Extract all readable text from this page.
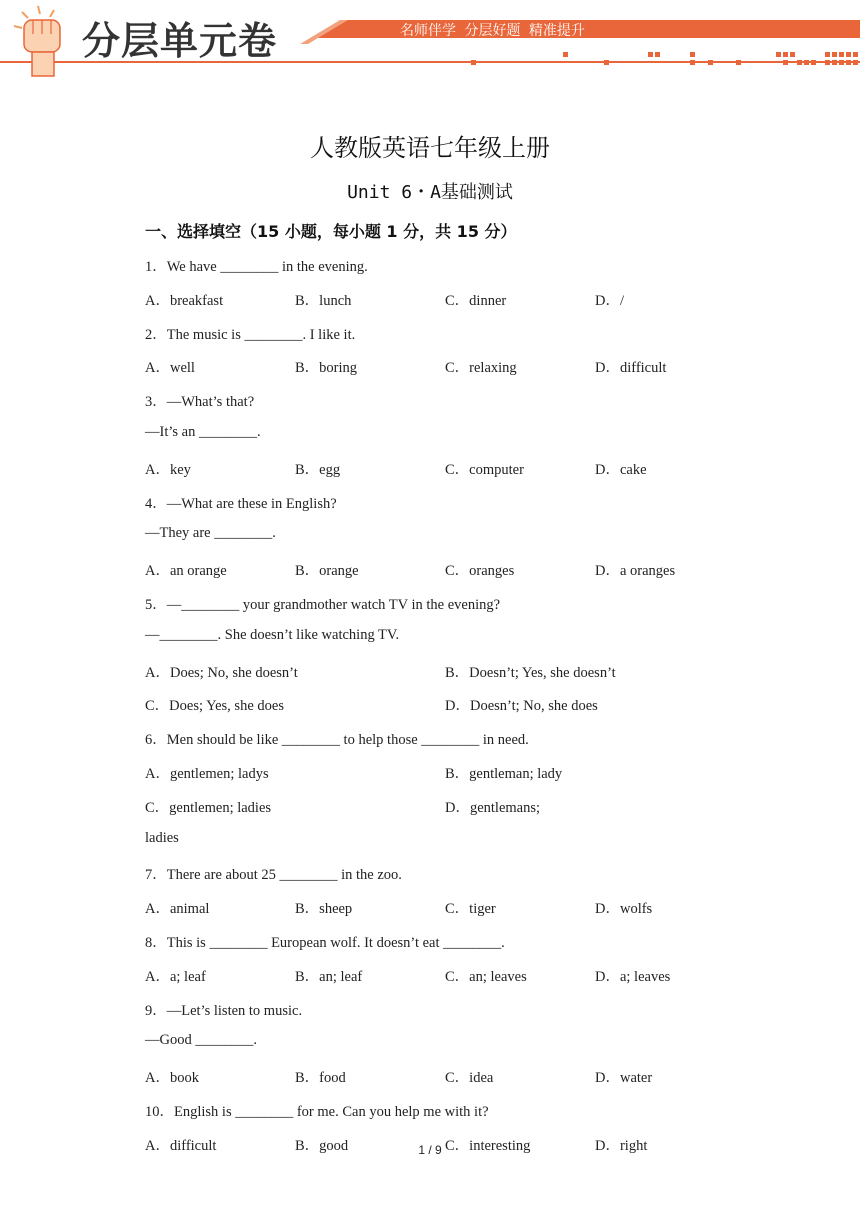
分层单元卷	名师伴学 分层好题 精准提升
人教版英语七年级上册
Unit 6・A基础测试
一、选择填空（15 小题，每小题 1 分，共 15 分）
1．We have ________ in the evening.
A．breakfast	B．lunch	C．dinner	D．/
2．The music is ________. I like it.
A．well	B．boring	C．relaxing	D．difficult
3．—What’s that?
—It’s an ________.
A．key	B．egg	C．computer	D．cake
4．—What are these in English?
—They are ________.
A．an orange	B．orange	C．oranges	D．a oranges
5．—________ your grandmother watch TV in the evening?
—________. She doesn’t like watching TV.
A．Does; No, she doesn’t	B．Doesn’t; Yes, she doesn’t
C．Does; Yes, she does	D．Doesn’t; No, she does
6．Men should be like ________ to help those ________ in need.
A．gentlemen; ladys	B．gentleman; lady
C．gentlemen; ladies	D．gentlemans;
ladies
7．There are about 25 ________ in the zoo.
A．animal	B．sheep	C．tiger	D．wolfs
8．This is ________ European wolf. It doesn’t eat ________.
A．a; leaf	B．an; leaf	C．an; leaves	D．a; leaves
9．—Let’s listen to music.
—Good ________.
A．book	B．food	C．idea	D．water
10．English is ________ for me. Can you help me with it?
A．difficult	B．good	C．interesting	D．right
1 / 9
